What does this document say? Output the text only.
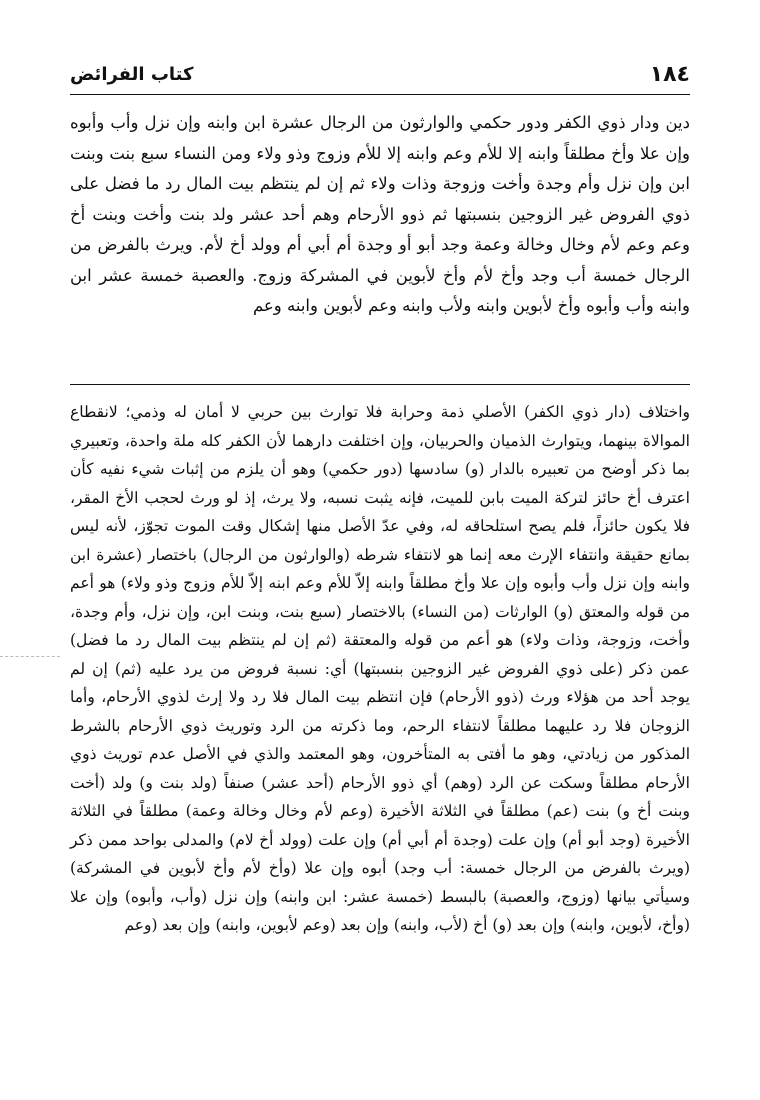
١٨٤
كتاب الفرائض

دين ودار ذوي الكفر ودور حكمي والوارثون من الرجال عشرة ابن وابنه وإن نزل وأب وأبوه وإن علا وأخ مطلقاً وابنه إلا للأم وعم وابنه إلا للأم وزوج وذو ولاء ومن النساء سبع بنت وبنت ابن وإن نزل وأم وجدة وأخت وزوجة وذات ولاء ثم إن لم ينتظم بيت المال رد ما فضل على ذوي الفروض غير الزوجين بنسبتها ثم ذوو الأرحام وهم أحد عشر ولد بنت وأخت وبنت أخ وعم وعم لأم وخال وخالة وعمة وجد أبو أو وجدة أم أبي أم وولد أخ لأم. ويرث بالفرض من الرجال خمسة أب وجد وأخ لأم وأخ لأبوين في المشركة وزوج. والعصبة خمسة عشر ابن وابنه وأب وأبوه وأخ لأبوين وابنه ولأب وابنه وعم لأبوين وابنه وعم

واختلاف (دار ذوي الكفر) الأصلي ذمة وحرابة فلا توارث بين حربي لا أمان له وذمي؛ لانقطاع الموالاة بينهما، ويتوارث الذميان والحربيان، وإن اختلفت دارهما لأن الكفر كله ملة واحدة، وتعبيري بما ذكر أوضح من تعبيره بالدار (و) سادسها (دور حكمي) وهو أن يلزم من إثبات شيء نفيه كأن اعترف أخ حائز لتركة الميت بابن للميت، فإنه يثبت نسبه، ولا يرث، إذ لو ورث لحجب الأخ المقر، فلا يكون حائزاً، فلم يصح استلحاقه له، وفي عدّ الأصل منها إشكال وقت الموت تجوّز، لأنه ليس بمانع حقيقة وانتفاء الإرث معه إنما هو لانتفاء شرطه (والوارثون من الرجال) باختصار (عشرة ابن وابنه وإن نزل وأب وأبوه وإن علا وأخ مطلقاً وابنه إلاّ للأم وعم ابنه إلاّ للأم وزوج وذو ولاء) هو أعم من قوله والمعتق (و) الوارثات (من النساء) بالاختصار (سبع بنت، وبنت ابن، وإن نزل، وأم وجدة، وأخت، وزوجة، وذات ولاء) هو أعم من قوله والمعتقة (ثم إن لم ينتظم بيت المال رد ما فضل) عمن ذكر (على ذوي الفروض غير الزوجين بنسبتها) أي: نسبة فروض من يرد عليه (ثم) إن لم يوجد أحد من هؤلاء ورث (ذوو الأرحام) فإن انتظم بيت المال فلا رد ولا إرث لذوي الأرحام، وأما الزوجان فلا رد عليهما مطلقاً لانتفاء الرحم، وما ذكرته من الرد وتوريث ذوي الأرحام بالشرط المذكور من زيادتي، وهو ما أفتى به المتأخرون، وهو المعتمد والذي في الأصل عدم توريث ذوي الأرحام مطلقاً وسكت عن الرد (وهم) أي ذوو الأرحام (أحد عشر) صنفاً (ولد بنت و) ولد (أخت وبنت أخ و) بنت (عم) مطلقاً في الثلاثة الأخيرة (وعم لأم وخال وخالة وعمة) مطلقاً في الثلاثة الأخيرة (وجد أبو أم) وإن علت (وجدة أم أبي أم) وإن علت (وولد أخ لام) والمدلى بواحد ممن ذكر (ويرث بالفرض من الرجال خمسة: أب وجد) أبوه وإن علا (وأخ لأم وأخ لأبوين في المشركة) وسيأتي بيانها (وزوج، والعصبة) بالبسط (خمسة عشر: ابن وابنه) وإن نزل (وأب، وأبوه) وإن علا (وأخ، لأبوين، وابنه) وإن بعد (و) أخ (لأب، وابنه) وإن بعد (وعم لأبوين، وابنه) وإن بعد (وعم
